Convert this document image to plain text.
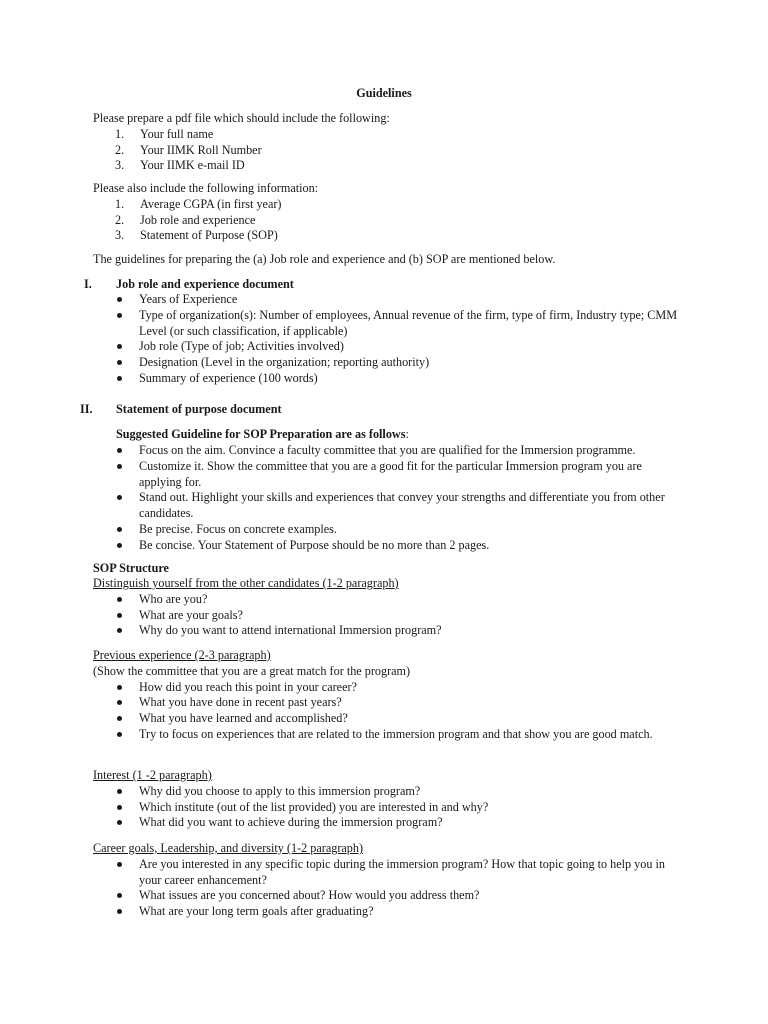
Guidelines

Please prepare a pdf file which should include the following:

1. Your full name
2. Your IIMK Roll Number
3. Your IIMK e-mail ID

Please also include the following information:

1. Average CGPA (in first year)
2. Job role and experience
3. Statement of Purpose (SOP)
The guidelines for preparing the (a) Job role and experience and (b) SOP are mentioned below.
I. Job role and experience document
Years of Experience
Type of organization(s): Number of employees, Annual revenue of the firm, type of firm, Industry type; CMM Level (or such classification, if applicable)
Job role (Type of job; Activities involved)
Designation (Level in the organization; reporting authority)
Summary of experience (100 words)
II. Statement of purpose document
Suggested Guideline for SOP Preparation are as follows:
Focus on the aim. Convince a faculty committee that you are qualified for the Immersion programme.
Customize it. Show the committee that you are a good fit for the particular Immersion program you are applying for.
Stand out. Highlight your skills and experiences that convey your strengths and differentiate you from other candidates.
Be precise. Focus on concrete examples.
Be concise. Your Statement of Purpose should be no more than 2 pages.
SOP Structure

Distinguish yourself from the other candidates (1-2 paragraph)

Who are you?
What are your goals?
Why do you want to attend international Immersion program?

Previous experience (2-3 paragraph)

(Show the committee that you are a great match for the program)

How did you reach this point in your career?
What you have done in recent past years?
What you have learned and accomplished?
Try to focus on experiences that are related to the immersion program and that show you are good match.

Interest (1 -2 paragraph)

Why did you choose to apply to this immersion program?
Which institute (out of the list provided) you are interested in and why?
What did you want to achieve during the immersion program?

Career goals, Leadership, and diversity (1-2 paragraph)

Are you interested in any specific topic during the immersion program? How that topic going to help you in your career enhancement?
What issues are you concerned about? How would you address them?
What are your long term goals after graduating?
